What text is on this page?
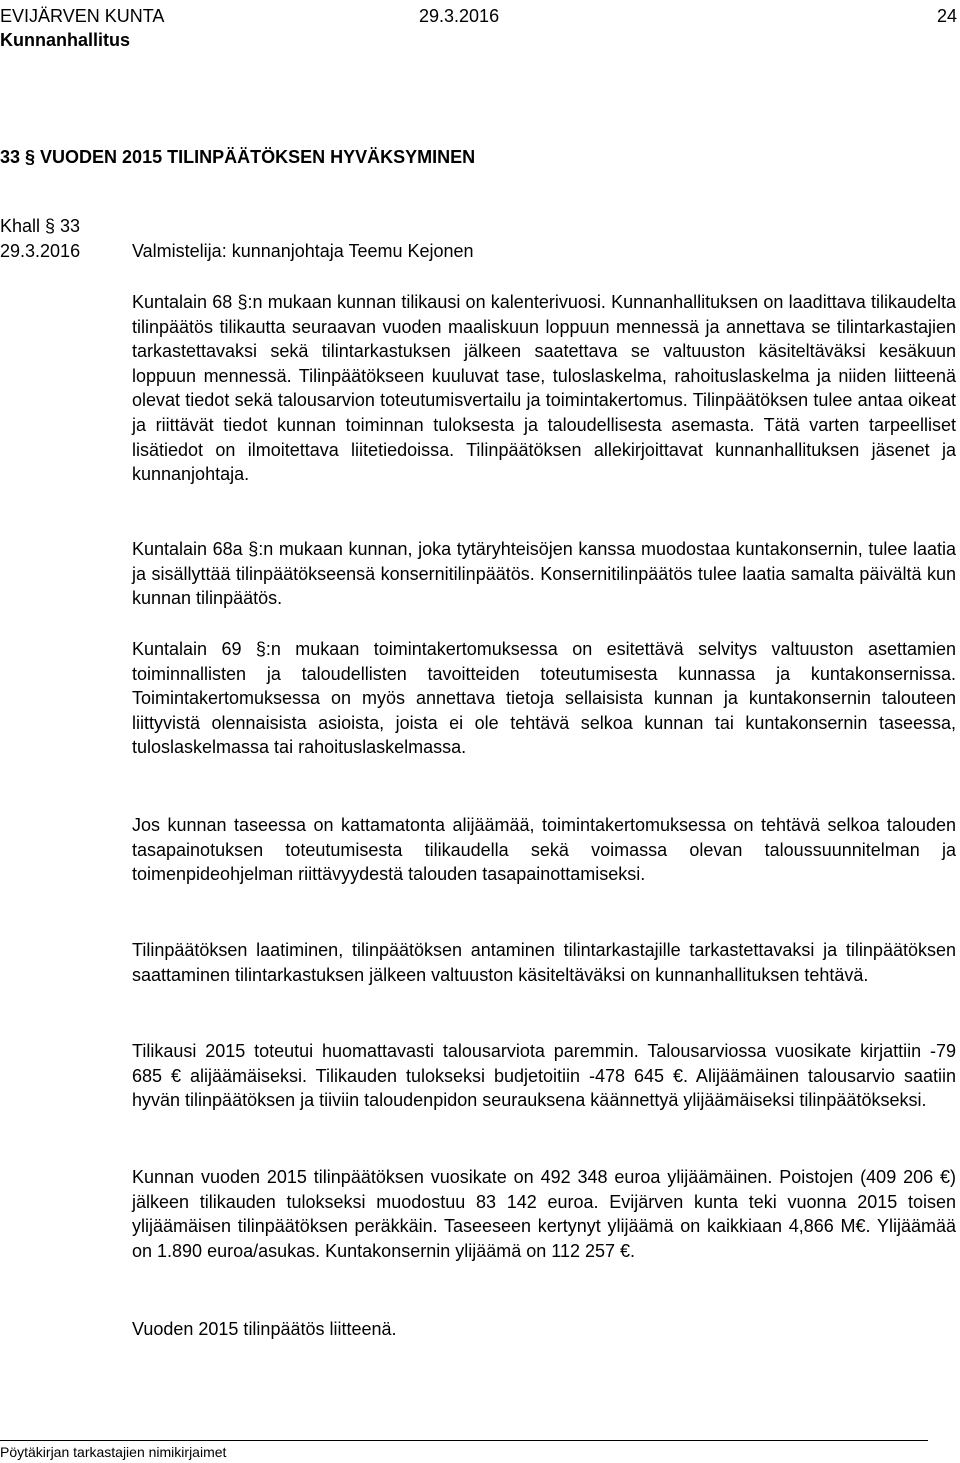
EVIJÄRVEN KUNTA	29.3.2016	24
Kunnanhallitus
33 § VUODEN 2015 TILINPÄÄTÖKSEN HYVÄKSYMINEN
Khall § 33
29.3.2016	Valmistelija: kunnanjohtaja Teemu Kejonen

Kuntalain 68 §:n mukaan kunnan tilikausi on kalenterivuosi. Kunnanhallituksen on laadittava tilikaudelta tilinpäätös tilikautta seuraavan vuoden maaliskuun loppuun mennessä ja annettava se tilintarkastajien tarkastettavaksi sekä tilintarkastuksen jälkeen saatettava se valtuuston käsiteltäväksi kesäkuun loppuun mennessä. Tilinpäätökseen kuuluvat tase, tuloslaskelma, rahoituslaskelma ja niiden liitteenä olevat tiedot sekä talousarvion toteutumisvertailu ja toimintakertomus. Tilinpäätöksen tulee antaa oikeat ja riittävät tiedot kunnan toiminnan tuloksesta ja taloudellisesta asemasta. Tätä varten tarpeelliset lisätiedot on ilmoitettava liitetiedoissa. Tilinpäätöksen allekirjoittavat kunnanhallituksen jäsenet ja kunnanjohtaja.

Kuntalain 68a §:n mukaan kunnan, joka tytäryhteisöjen kanssa muodostaa kuntakonsernin, tulee laatia ja sisällyttää tilinpäätökseensä konsernitilinpäätös. Konsernitilinpäätös tulee laatia samalta päivältä kun kunnan tilinpäätös.

Kuntalain 69 §:n mukaan toimintakertomuksessa on esitettävä selvitys valtuuston asettamien toiminnallisten ja taloudellisten tavoitteiden toteutumisesta kunnassa ja kuntakonsernissa. Toimintakertomuksessa on myös annettava tietoja sellaisista kunnan ja kuntakonsernin talouteen liittyvistä olennaisista asioista, joista ei ole tehtävä selkoa kunnan tai kuntakonsernin taseessa, tuloslaskelmassa tai rahoituslaskelmassa.

Jos kunnan taseessa on kattamatonta alijäämää, toimintakertomuksessa on tehtävä selkoa talouden tasapainotuksen toteutumisesta tilikaudella sekä voimassa olevan taloussuunnitelman ja toimenpideohjelman riittävyydestä talouden tasapainottamiseksi.

Tilinpäätöksen laatiminen, tilinpäätöksen antaminen tilintarkastajille tarkastettavaksi ja tilinpäätöksen saattaminen tilintarkastuksen jälkeen valtuuston käsiteltäväksi on kunnanhallituksen tehtävä.

Tilikausi 2015 toteutui huomattavasti talousarviota paremmin. Talousarviossa vuosikate kirjattiin -79 685 € alijäämäiseksi. Tilikauden tulokseksi budjetoitiin -478 645 €. Alijäämäinen talousarvio saatiin hyvän tilinpäätöksen ja tiiviin taloudenpidon seurauksena käännettyä ylijäämäiseksi tilinpäätökseksi.

Kunnan vuoden 2015 tilinpäätöksen vuosikate on 492 348 euroa ylijäämäinen. Poistojen (409 206 €) jälkeen tilikauden tulokseksi muodostuu 83 142 euroa. Evijärven kunta teki vuonna 2015 toisen ylijäämäisen tilinpäätöksen peräkkäin. Taseeseen kertynyt ylijäämä on kaikkiaan 4,866 M€. Ylijäämää on 1.890 euroa/asukas. Kuntakonsernin ylijäämä on 112 257 €.

Vuoden 2015 tilinpäätös liitteenä.

Pöytäkirjan tarkastajien nimikirjaimet
